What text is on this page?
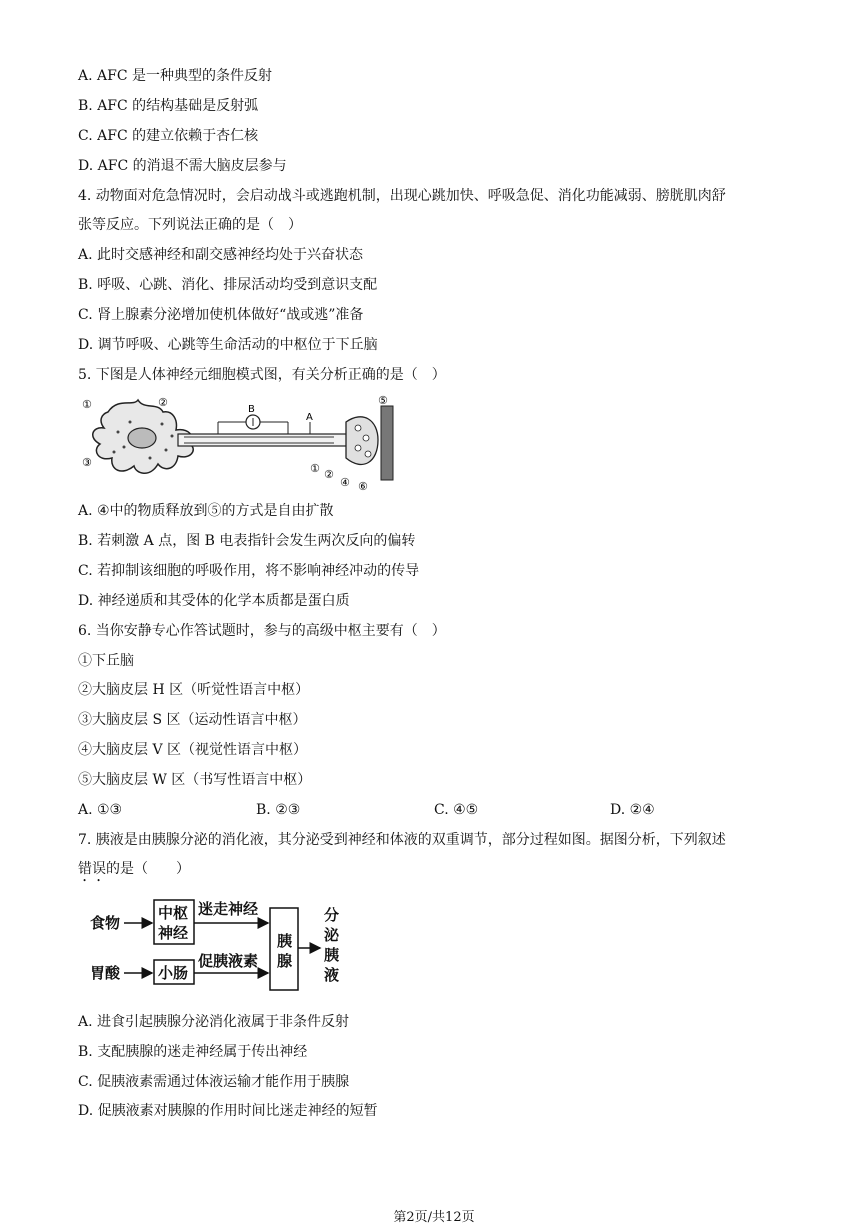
A. AFC 是一种典型的条件反射
B. AFC 的结构基础是反射弧
C. AFC 的建立依赖于杏仁核
D. AFC 的消退不需大脑皮层参与
4. 动物面对危急情况时，会启动战斗或逃跑机制，出现心跳加快、呼吸急促、消化功能减弱、膀胱肌肉舒
张等反应。下列说法正确的是（　）
A. 此时交感神经和副交感神经均处于兴奋状态
B. 呼吸、心跳、消化、排尿活动均受到意识支配
C. 肾上腺素分泌增加使机体做好“战或逃”准备
D. 调节呼吸、心跳等生命活动的中枢位于下丘脑
5. 下图是人体神经元细胞模式图，有关分析正确的是（　）
B
A
①	②
③	① ②
④ ⑥
⑤
A. ④中的物质释放到⑤的方式是自由扩散
B. 若刺激 A 点，图 B 电表指针会发生两次反向的偏转
C. 若抑制该细胞的呼吸作用，将不影响神经冲动的传导
D. 神经递质和其受体的化学本质都是蛋白质
6. 当你安静专心作答试题时，参与的高级中枢主要有（　）
①下丘脑
②大脑皮层 H 区（听觉性语言中枢）
③大脑皮层 S 区（运动性语言中枢）
④大脑皮层 V 区（视觉性语言中枢）
⑤大脑皮层 W 区（书写性语言中枢）
A. ①③	B. ②③	C. ④⑤	D. ②④
7. 胰液是由胰腺分泌的消化液，其分泌受到神经和体液的双重调节，部分过程如图。据图分析，下列叙述
错误的是（　　）
食物
胃酸
中枢
神经
迷走神经
小肠
促胰液素
胰
腺
分
泌
胰
液
A. 进食引起胰腺分泌消化液属于非条件反射
B. 支配胰腺的迷走神经属于传出神经
C. 促胰液素需通过体液运输才能作用于胰腺
D. 促胰液素对胰腺的作用时间比迷走神经的短暂
第2页/共12页
